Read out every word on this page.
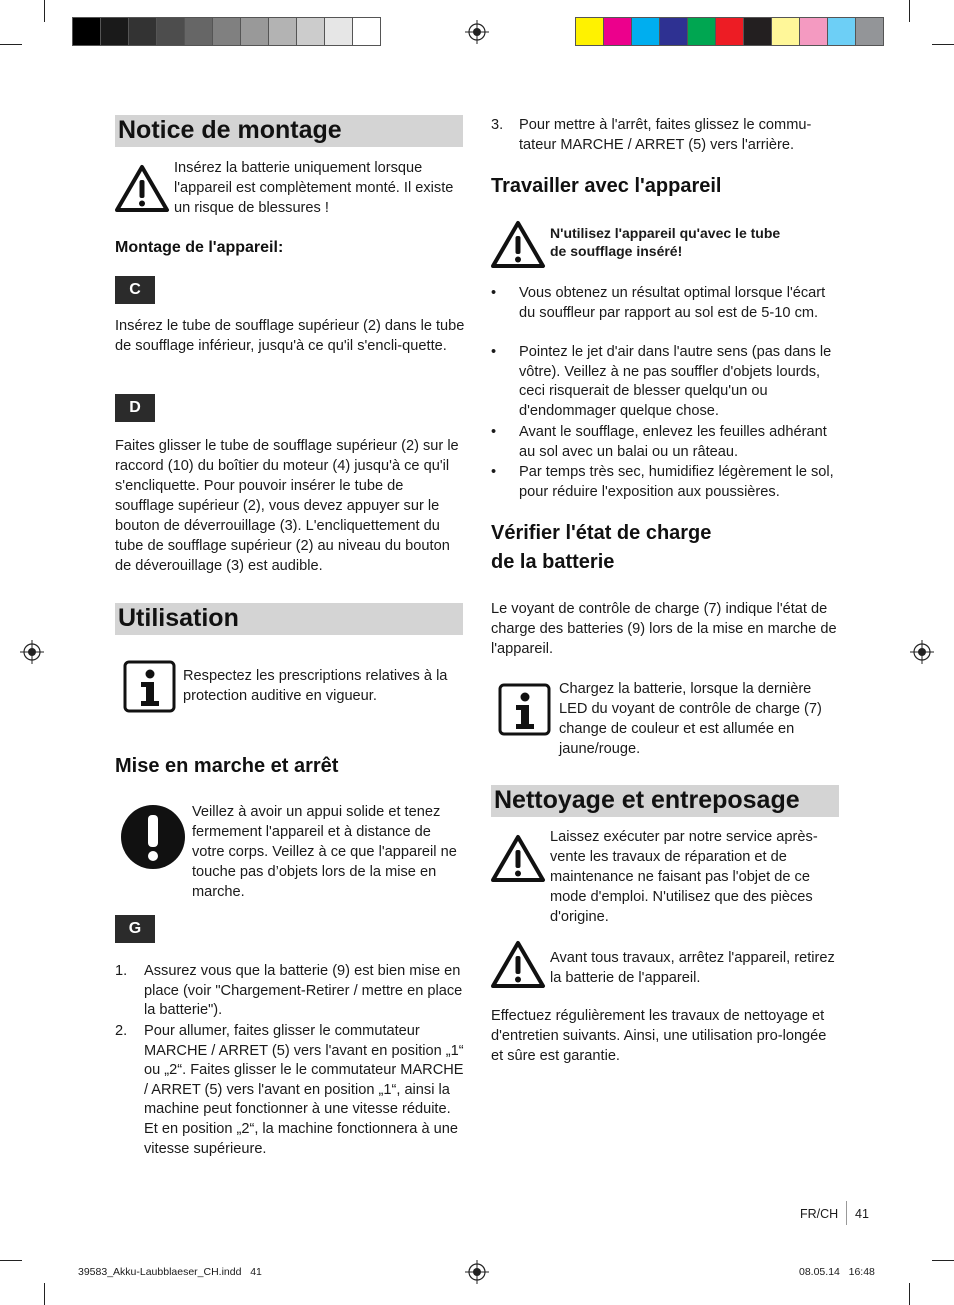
Notice de montage
Insérez la batterie uniquement lorsque l'appareil est complètement monté. Il existe un risque de blessures !
Montage de l'appareil:
C
Insérez le tube de soufflage supérieur (2) dans le tube de soufflage inférieur, jusqu'à ce qu'il s'encli-quette.
D
Faites glisser le tube de soufflage supérieur (2) sur le raccord (10) du boîtier du moteur (4) jusqu'à ce qu'il s'encliquette. Pour pouvoir insérer le tube de soufflage supérieur (2), vous devez appuyer sur le bouton de déverrouillage (3). L'encliquettement du tube de soufflage supérieur (2) au niveau du bouton de déverouillage (3) est audible.
Utilisation
Respectez les prescriptions relatives à la protection auditive en vigueur.
Mise en marche et arrêt
Veillez à avoir un appui solide et tenez fermement l'appareil et à distance de votre corps. Veillez à ce que l'appareil ne touche pas d’objets lors de la mise en marche.
G
1. Assurez vous que la batterie (9) est bien mise en place (voir "Chargement-Retirer / mettre en place la batterie").
2. Pour allumer, faites glisser le commutateur MARCHE / ARRET (5) vers l'avant en position „1“ ou „2“. Faites glisser le le commutateur MARCHE / ARRET (5) vers l'avant en position „1“, ainsi la machine peut fonctionner à une vitesse réduite. Et en position „2“, la machine fonctionnera à une vitesse supérieure.
3. Pour mettre à l'arrêt, faites glissez le commu-tateur MARCHE / ARRET (5) vers l'arrière.
Travailler avec l'appareil
N'utilisez l'appareil qu'avec le tube de soufflage inséré!
• Vous obtenez un résultat optimal lorsque l'écart du souffleur par rapport au sol est de 5-10 cm.
• Pointez le jet d'air dans l'autre sens (pas dans le vôtre). Veillez à ne pas souffler d'objets lourds, ceci risquerait de blesser quelqu'un ou d'endommager quelque chose.
• Avant le soufflage, enlevez les feuilles adhérant au sol avec un balai ou un râteau.
• Par temps très sec, humidifiez légèrement le sol, pour réduire l'exposition aux poussières.
Vérifier l'état de charge
de la batterie
Le voyant de contrôle de charge (7) indique l'état de charge des batteries (9) lors de la mise en marche de l'appareil.
Chargez la batterie, lorsque la dernière LED du voyant de contrôle de charge (7) change de couleur et est allumée en jaune/rouge.
Nettoyage et entreposage
Laissez exécuter par notre service après-vente les travaux de réparation et de maintenance ne faisant pas l'objet de ce mode d'emploi. N'utilisez que des pièces d'origine.
Avant tous travaux, arrêtez l'appareil, retirez la batterie de l'appareil.
Effectuez régulièrement les travaux de nettoyage et d'entretien suivants. Ainsi, une utilisation pro-longée et sûre est garantie.
FR/CH 41
39583_Akku-Laubblaeser_CH.indd   41	08.05.14   16:48
